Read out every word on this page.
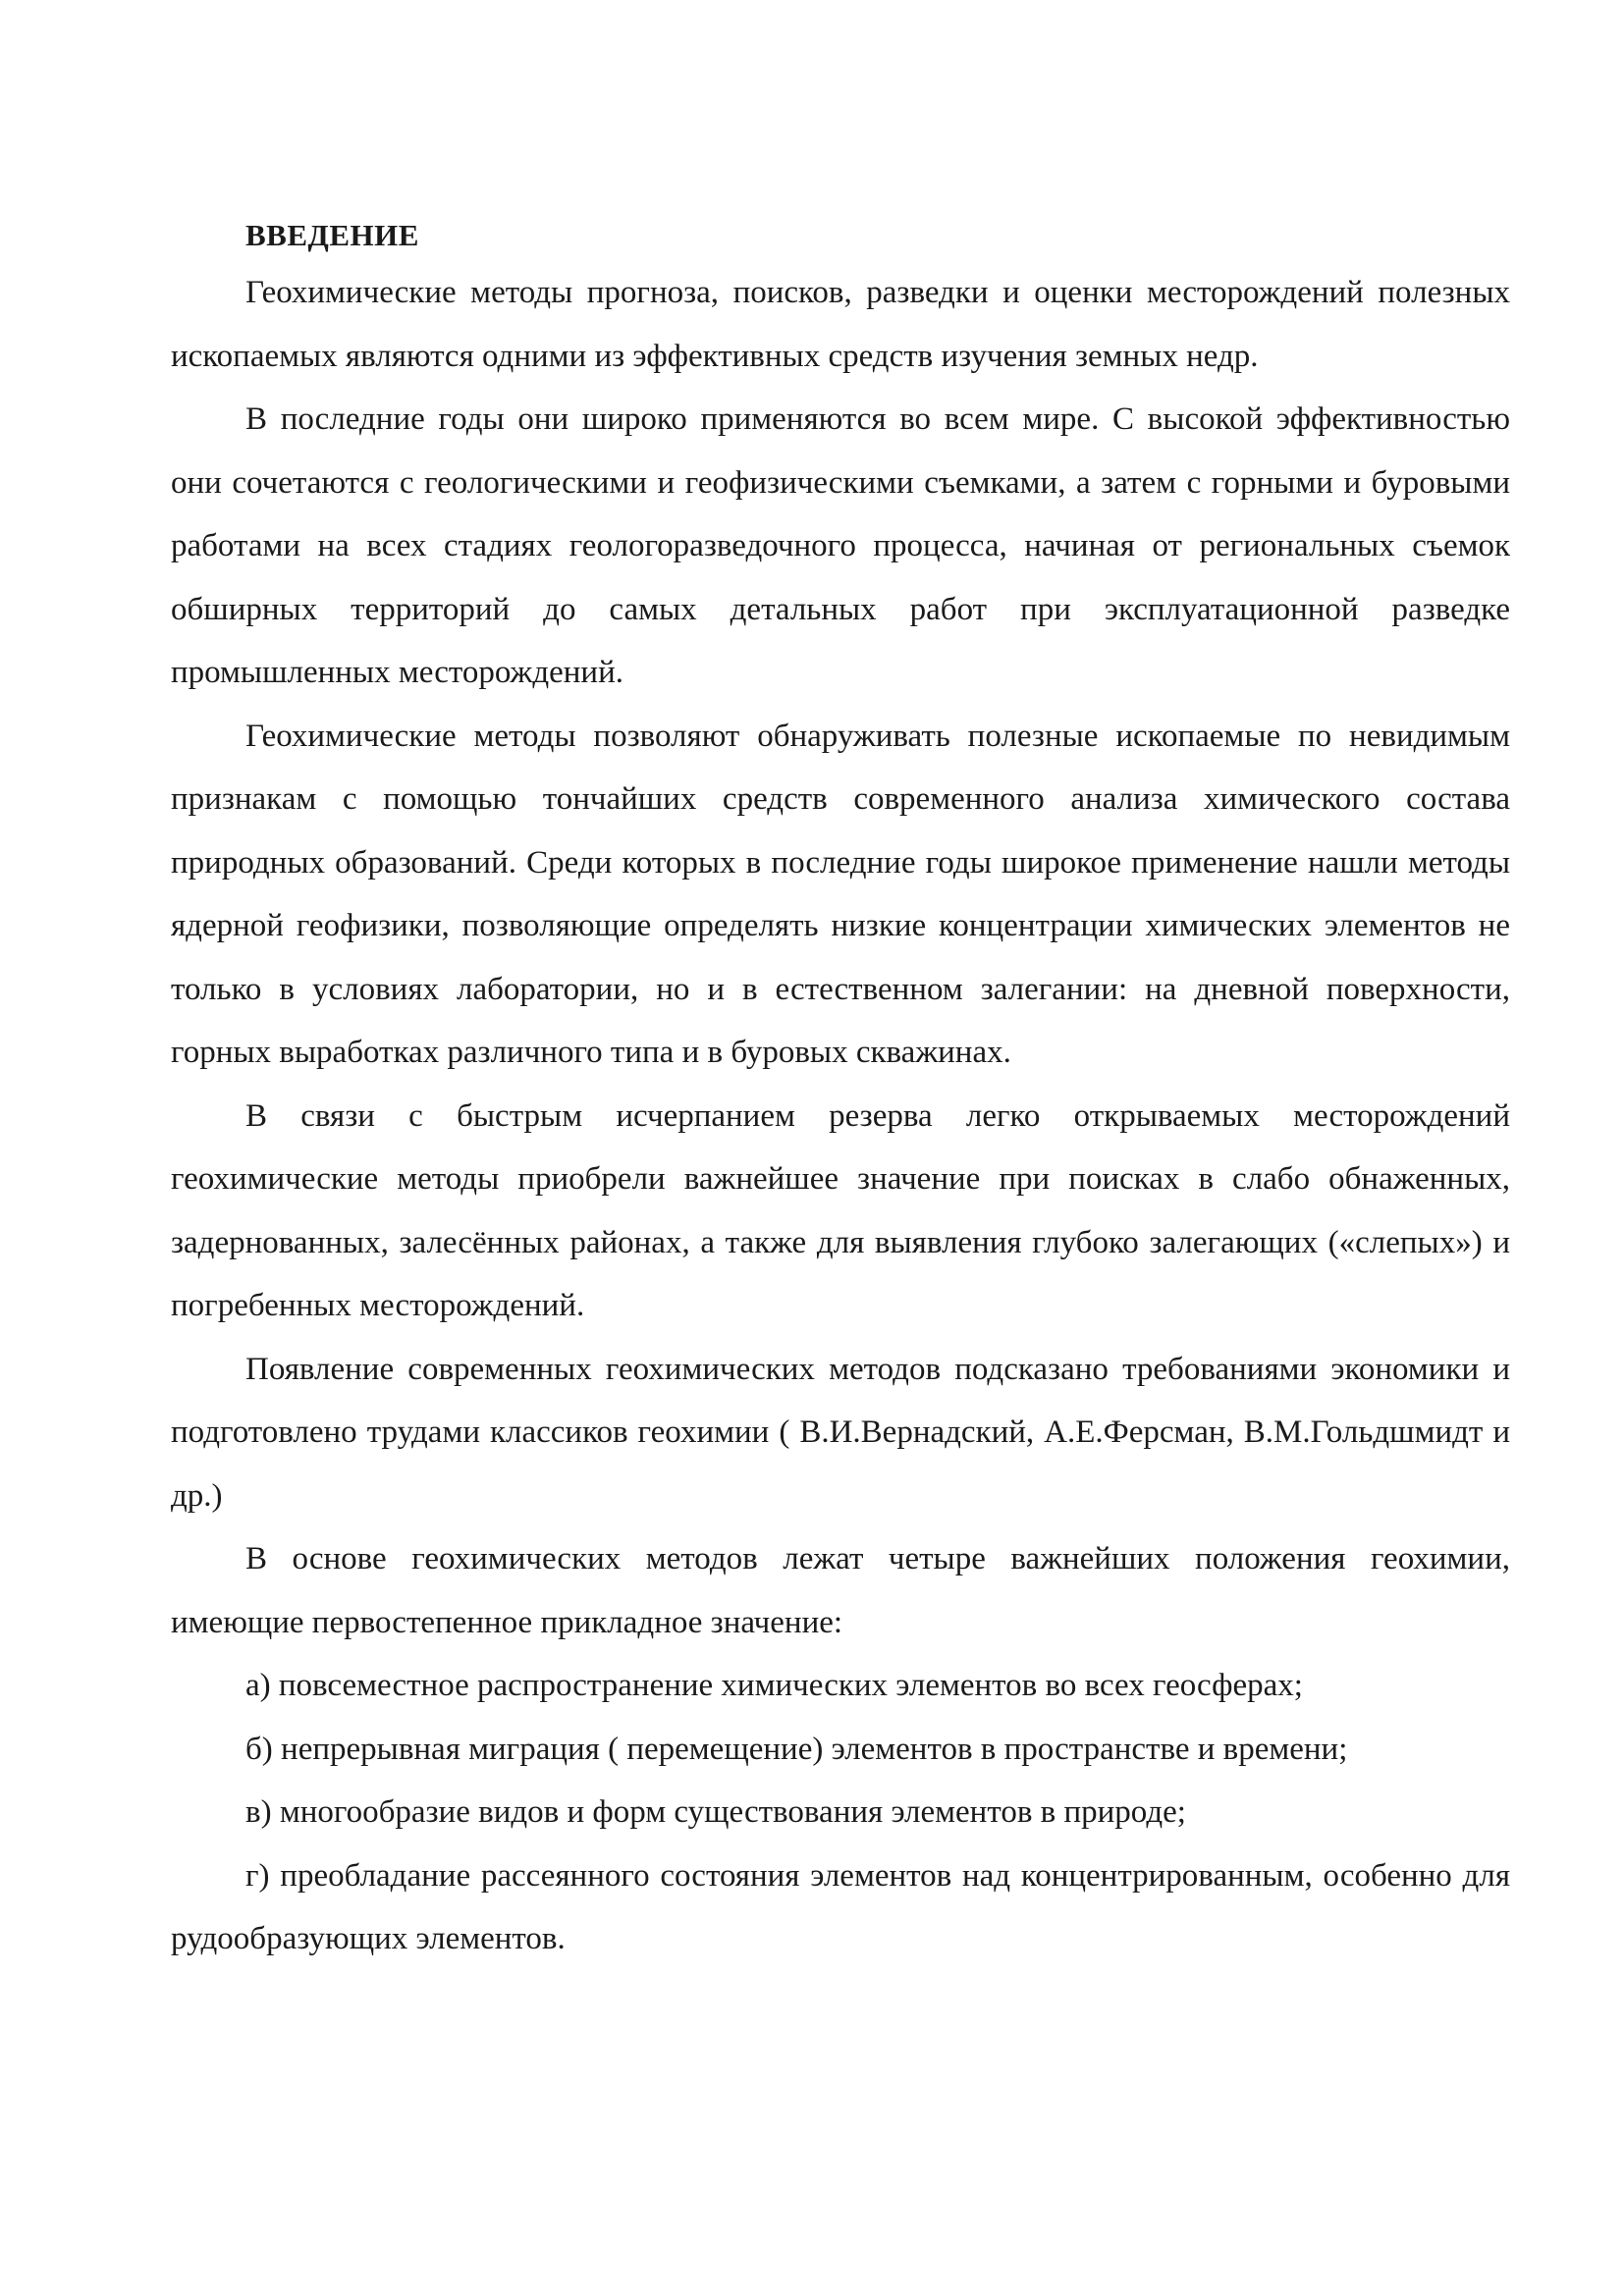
ВВЕДЕНИЕ

Геохимические методы прогноза, поисков, разведки и оценки месторождений полезных ископаемых являются одними из эффективных средств изучения земных недр.

В последние годы они широко применяются во всем мире. С высокой эффективностью они сочетаются с геологическими и геофизическими съемками, а затем с горными и буровыми работами на всех стадиях геологоразведочного процесса, начиная от региональных съемок обширных территорий до самых детальных работ при эксплуатационной разведке промышленных месторождений.

Геохимические методы позволяют обнаруживать полезные ископаемые по невидимым признакам с помощью тончайших средств современного анализа химического состава природных образований. Среди которых в последние годы широкое применение нашли методы ядерной геофизики, позволяющие определять низкие концентрации химических элементов не только в условиях лаборатории, но и в естественном залегании: на дневной поверхности, горных выработках различного типа и в буровых скважинах.

В связи с быстрым исчерпанием резерва легко открываемых месторождений геохимические методы приобрели важнейшее значение при поисках в слабо обнаженных, задернованных, залесённых районах, а также для выявления глубоко залегающих («слепых») и погребенных месторождений.

Появление современных геохимических методов подсказано требованиями экономики и подготовлено трудами классиков геохимии ( В.И.Вернадский, А.Е.Ферсман, В.М.Гольдшмидт и др.)

В основе геохимических методов лежат четыре важнейших положения геохимии, имеющие первостепенное прикладное значение:

а) повсеместное распространение химических элементов во всех геосферах;

б) непрерывная миграция ( перемещение) элементов в пространстве и времени;

в) многообразие видов и форм существования элементов в природе;

г) преобладание рассеянного состояния элементов над концентрированным, особенно для рудообразующих элементов.
